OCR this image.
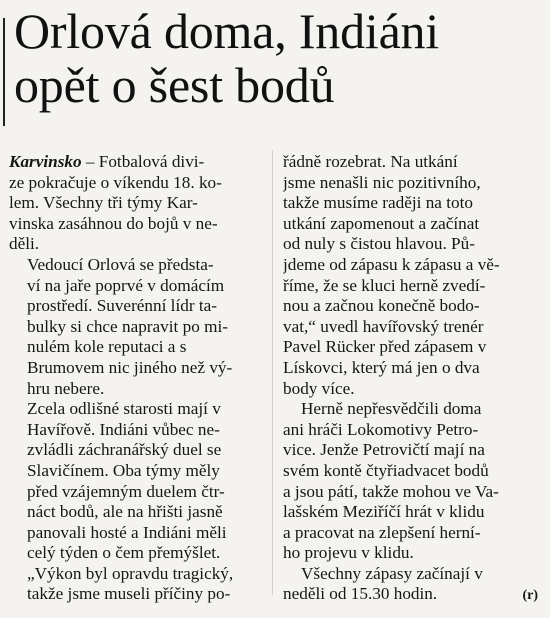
Orlová doma, Indiáni
opět o šest bodů

Karvinsko – Fotbalová divi-
ze pokračuje o víkendu 18. ko-
lem. Všechny tři týmy Kar-
vinska zasáhnou do bojů v ne-
děli.

Vedoucí Orlová se předsta-
ví na jaře poprvé v domácím
prostředí. Suverénní lídr ta-
bulky si chce napravit po mi-
nulém kole reputaci a s
Brumovem nic jiného než vý-
hru nebere.

Zcela odlišné starosti mají v
Havířově. Indiáni vůbec ne-
zvládli záchranářský duel se
Slavičínem. Oba týmy měly
před vzájemným duelem čtr-
náct bodů, ale na hřišti jasně
panovali hosté a Indiáni měli
celý týden o čem přemýšlet.
„Výkon byl opravdu tragický,
takže jsme museli příčiny po-

řádně rozebrat. Na utkání
jsme nenašli nic pozitivního,
takže musíme raději na toto
utkání zapomenout a začínat
od nuly s čistou hlavou. Pů-
jdeme od zápasu k zápasu a vě-
říme, že se kluci herně zvedí-
nou a začnou konečně bodo-
vat,“ uvedl havířovský trenér
Pavel Rücker před zápasem v
Lískovci, který má jen o dva
body více.

Herně nepřesvědčili doma
ani hráči Lokomotivy Petro-
vice. Jenže Petrovičtí mají na
svém kontě čtyřiadvacet bodů
a jsou pátí, takže mohou ve Va-
lašském Meziříčí hrát v klidu
a pracovat na zlepšení herní-
ho projevu v klidu.

Všechny zápasy začínají v
(r)
neděli od 15.30 hodin.
